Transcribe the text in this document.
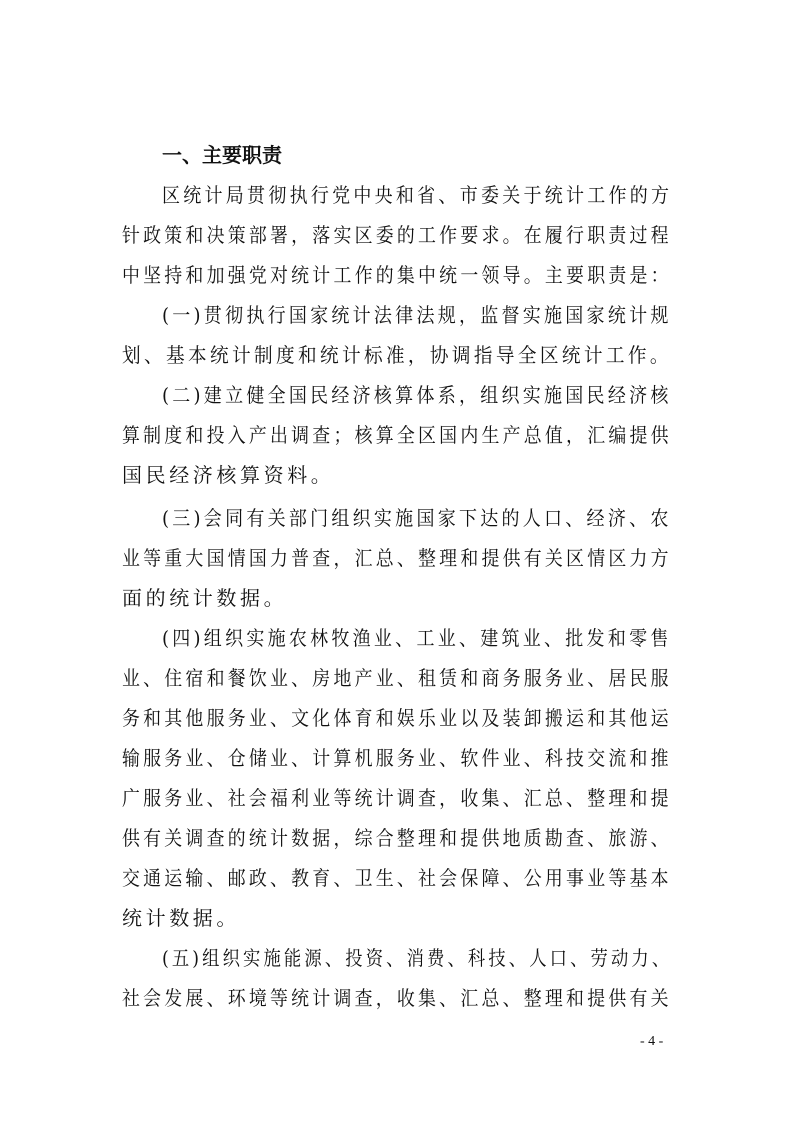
一、主要职责
区统计局贯彻执行党中央和省、市委关于统计工作的方
针政策和决策部署，落实区委的工作要求。在履行职责过程
中坚持和加强党对统计工作的集中统一领导。主要职责是：
(一)贯彻执行国家统计法律法规，监督实施国家统计规
划、基本统计制度和统计标准，协调指导全区统计工作。
(二)建立健全国民经济核算体系，组织实施国民经济核
算制度和投入产出调查；核算全区国内生产总值，汇编提供
国民经济核算资料。
(三)会同有关部门组织实施国家下达的人口、经济、农
业等重大国情国力普查，汇总、整理和提供有关区情区力方
面的统计数据。
(四)组织实施农林牧渔业、工业、建筑业、批发和零售
业、住宿和餐饮业、房地产业、租赁和商务服务业、居民服
务和其他服务业、文化体育和娱乐业以及装卸搬运和其他运
输服务业、仓储业、计算机服务业、软件业、科技交流和推
广服务业、社会福利业等统计调查，收集、汇总、整理和提
供有关调查的统计数据，综合整理和提供地质勘查、旅游、
交通运输、邮政、教育、卫生、社会保障、公用事业等基本
统计数据。
(五)组织实施能源、投资、消费、科技、人口、劳动力、
社会发展、环境等统计调查，收集、汇总、整理和提供有关
- 4 -
